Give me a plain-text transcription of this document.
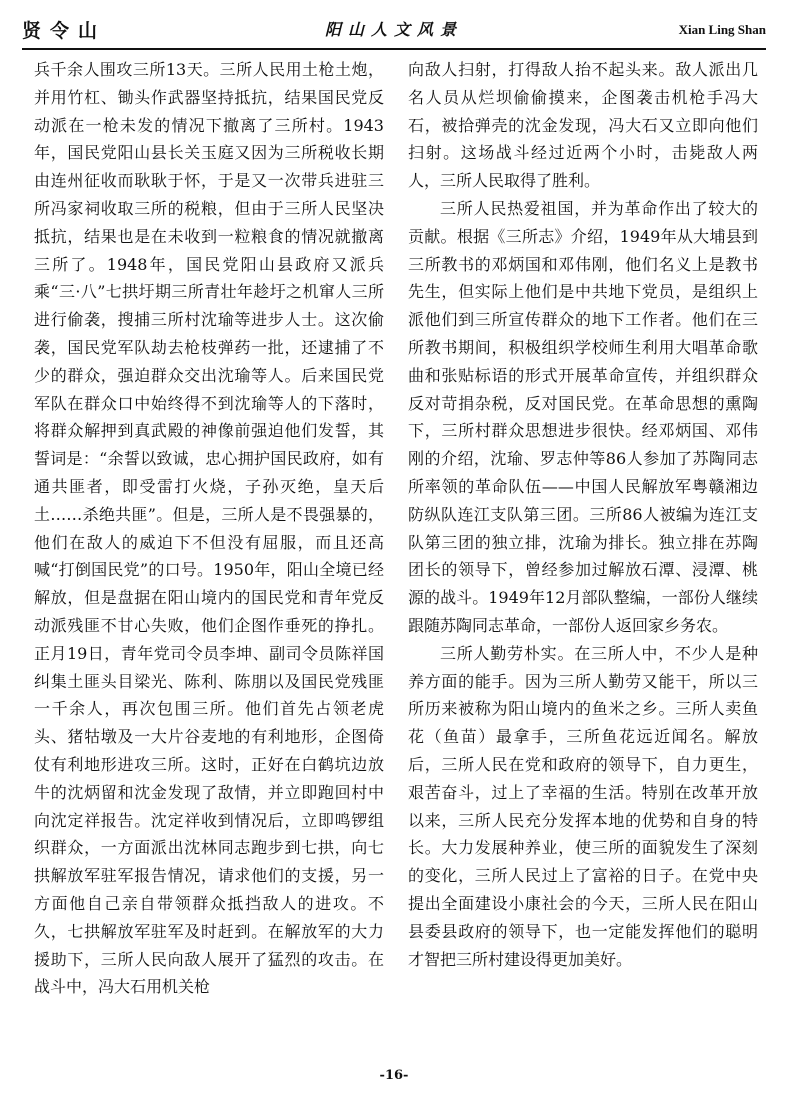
贤令山	阳山人文风景	Xian Ling Shan

兵千余人围攻三所13天。三所人民用土枪土炮，并用竹杠、锄头作武器坚持抵抗，结果国民党反动派在一枪未发的情况下撤离了三所村。1943年，国民党阳山县长关玉庭又因为三所税收长期由连州征收而耿耿于怀，于是又一次带兵进驻三所冯家祠收取三所的税粮，但由于三所人民坚决抵抗，结果也是在未收到一粒粮食的情况就撤离三所了。1948年，国民党阳山县政府又派兵乘“三·八”七拱圩期三所青壮年趁圩之机窜人三所进行偷袭，搜捕三所村沈瑜等进步人士。这次偷袭，国民党军队劫去枪枝弹药一批，还逮捕了不少的群众，强迫群众交出沈瑜等人。后来国民党军队在群众口中始终得不到沈瑜等人的下落时，将群众解押到真武殿的神像前强迫他们发誓，其誓词是：“余誓以致诚，忠心拥护国民政府，如有通共匪者，即受雷打火烧，子孙灭绝，皇天后土……杀绝共匪”。但是，三所人是不畏强暴的，他们在敌人的威迫下不但没有屈服，而且还高喊“打倒国民党”的口号。1950年，阳山全境已经解放，但是盘据在阳山境内的国民党和青年党反动派残匪不甘心失败，他们企图作垂死的挣扎。正月19日，青年党司令员李坤、副司令员陈祥国纠集土匪头目梁光、陈利、陈朋以及国民党残匪一千余人，再次包围三所。他们首先占领老虎头、猪牯墩及一大片谷麦地的有利地形，企图倚仗有利地形进攻三所。这时，正好在白鹤坑边放牛的沈炳留和沈金发现了敌情，并立即跑回村中向沈定祥报告。沈定祥收到情况后，立即鸣锣组织群众，一方面派出沈林同志跑步到七拱，向七拱解放军驻军报告情况，请求他们的支援，另一方面他自己亲自带领群众抵挡敌人的进攻。不久，七拱解放军驻军及时赶到。在解放军的大力援助下，三所人民向敌人展开了猛烈的攻击。在战斗中，冯大石用机关枪

向敌人扫射，打得敌人抬不起头来。敌人派出几名人员从烂坝偷偷摸来，企图袭击机枪手冯大石，被拾弹壳的沈金发现，冯大石又立即向他们扫射。这场战斗经过近两个小时，击毙敌人两人，三所人民取得了胜利。

三所人民热爱祖国，并为革命作出了较大的贡献。根据《三所志》介绍，1949年从大埔县到三所教书的邓炳国和邓伟刚，他们名义上是教书先生，但实际上他们是中共地下党员，是组织上派他们到三所宣传群众的地下工作者。他们在三所教书期间，积极组织学校师生利用大唱革命歌曲和张贴标语的形式开展革命宣传，并组织群众反对苛捐杂税，反对国民党。在革命思想的熏陶下，三所村群众思想进步很快。经邓炳国、邓伟刚的介绍，沈瑜、罗志仲等86人参加了苏陶同志所率领的革命队伍——中国人民解放军粤赣湘边防纵队连江支队第三团。三所86人被编为连江支队第三团的独立排，沈瑜为排长。独立排在苏陶团长的领导下，曾经参加过解放石潭、浸潭、桃源的战斗。1949年12月部队整编，一部份人继续跟随苏陶同志革命，一部份人返回家乡务农。

三所人勤劳朴实。在三所人中，不少人是种养方面的能手。因为三所人勤劳又能干，所以三所历来被称为阳山境内的鱼米之乡。三所人卖鱼花（鱼苗）最拿手，三所鱼花远近闻名。解放后，三所人民在党和政府的领导下，自力更生，艰苦奋斗，过上了幸福的生活。特别在改革开放以来，三所人民充分发挥本地的优势和自身的特长。大力发展种养业，使三所的面貌发生了深刻的变化，三所人民过上了富裕的日子。在党中央提出全面建设小康社会的今天，三所人民在阳山县委县政府的领导下，也一定能发挥他们的聪明才智把三所村建设得更加美好。

-16-
